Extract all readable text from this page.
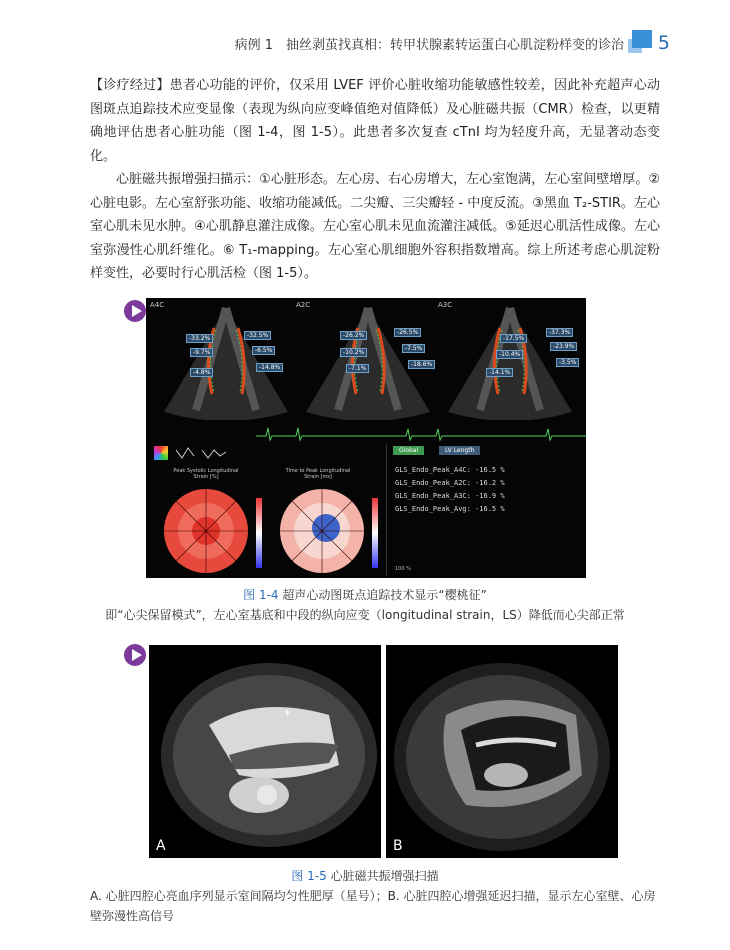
病例 1　抽丝剥茧找真相：转甲状腺素转运蛋白心肌淀粉样变的诊治 5
【诊疗经过】患者心功能的评价，仅采用 LVEF 评价心脏收缩功能敏感性较差，因此补充超声心动图斑点追踪技术应变显像（表现为纵向应变峰值绝对值降低）及心脏磁共振（CMR）检查，以更精确地评估患者心脏功能（图 1-4，图 1-5）。此患者多次复查 cTnI 均为轻度升高，无显著动态变化。
心脏磁共振增强扫描示：①心脏形态。左心房、右心房增大，左心室饱满，左心室间壁增厚。②心脏电影。左心室舒张功能、收缩功能减低。二尖瓣、三尖瓣轻 - 中度反流。③黑血 T₂-STIR。左心室心肌未见水肿。④心肌静息灌注成像。左心室心肌未见血流灌注减低。⑤延迟心肌活性成像。左心室弥漫性心肌纤维化。⑥ T₁-mapping。左心室心肌细胞外容积指数增高。综上所述考虑心肌淀粉样变性，必要时行心肌活检（图 1-5）。
A4C	A2C	A3C
-33.2%
-9.7%
-4.8%
-32.5%
-6.5%
-14.8%
-26.2%
-10.2%
-7.1%
-26.5%
-7.5%
-18.6%
-17.5%
-10.4%
-14.1%
-37.3%
-23.9%
-3.5%
Peak Systolic Longitudinal Strain [%]
Time to Peak Longitudinal Strain [ms]
Global	LV Length
GLS_Endo_Peak_A4C: -16.5 %
GLS_Endo_Peak_A2C: -16.2 %
GLS_Endo_Peak_A3C: -16.9 %
GLS_Endo_Peak_Avg: -16.5 %
100 %
图 1-4 超声心动图斑点追踪技术显示“樱桃征”
即“心尖保留模式”，左心室基底和中段的纵向应变（longitudinal strain，LS）降低而心尖部正常
*
A	B
图 1-5 心脏磁共振增强扫描
A. 心脏四腔心亮血序列显示室间隔均匀性肥厚（星号）；B. 心脏四腔心增强延迟扫描，显示左心室壁、心房壁弥漫性高信号
